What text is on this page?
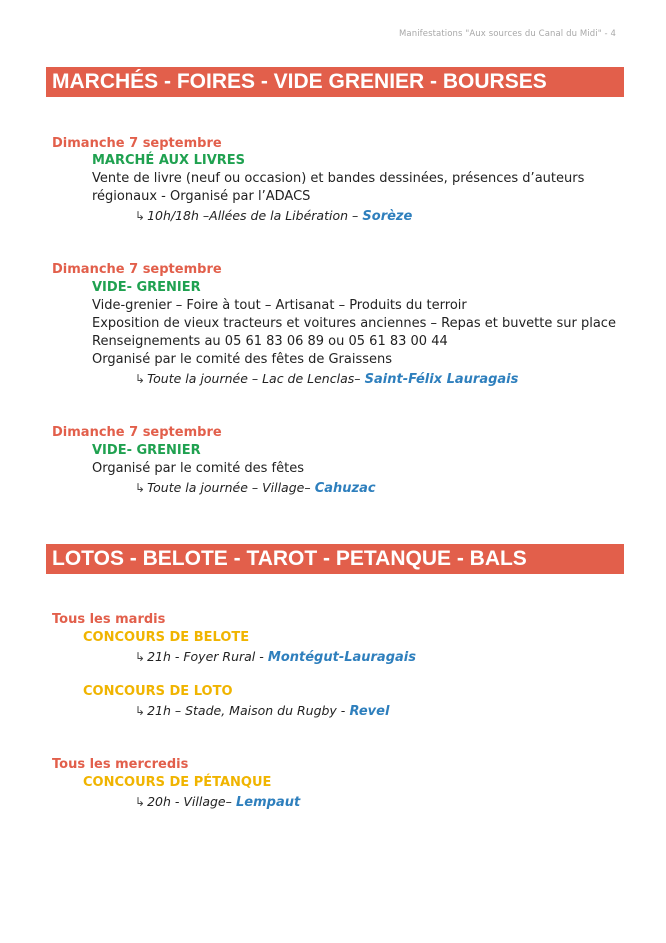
Manifestations "Aux sources du Canal du Midi" - 4
MARCHÉS - FOIRES - VIDE GRENIER - BOURSES
Dimanche 7 septembre
MARCHÉ AUX LIVRES
Vente de livre (neuf ou occasion) et bandes dessinées, présences d’auteurs
régionaux - Organisé par l’ADACS
↳ 10h/18h –Allées de la Libération – Sorèze
Dimanche 7 septembre
VIDE- GRENIER
Vide-grenier – Foire à tout – Artisanat – Produits du terroir
Exposition de vieux tracteurs et voitures anciennes – Repas et buvette sur place
Renseignements au 05 61 83 06 89 ou 05 61 83 00 44
Organisé par le comité des fêtes de Graissens
↳ Toute la journée – Lac de Lenclas– Saint-Félix Lauragais
Dimanche 7 septembre
VIDE- GRENIER
Organisé par le comité des fêtes
↳ Toute la journée – Village– Cahuzac
LOTOS - BELOTE - TAROT - PETANQUE - BALS
Tous les mardis
CONCOURS DE BELOTE
↳ 21h - Foyer Rural - Montégut-Lauragais
CONCOURS DE LOTO
↳ 21h – Stade, Maison du Rugby - Revel
Tous les mercredis
CONCOURS DE PÉTANQUE
↳ 20h - Village– Lempaut
